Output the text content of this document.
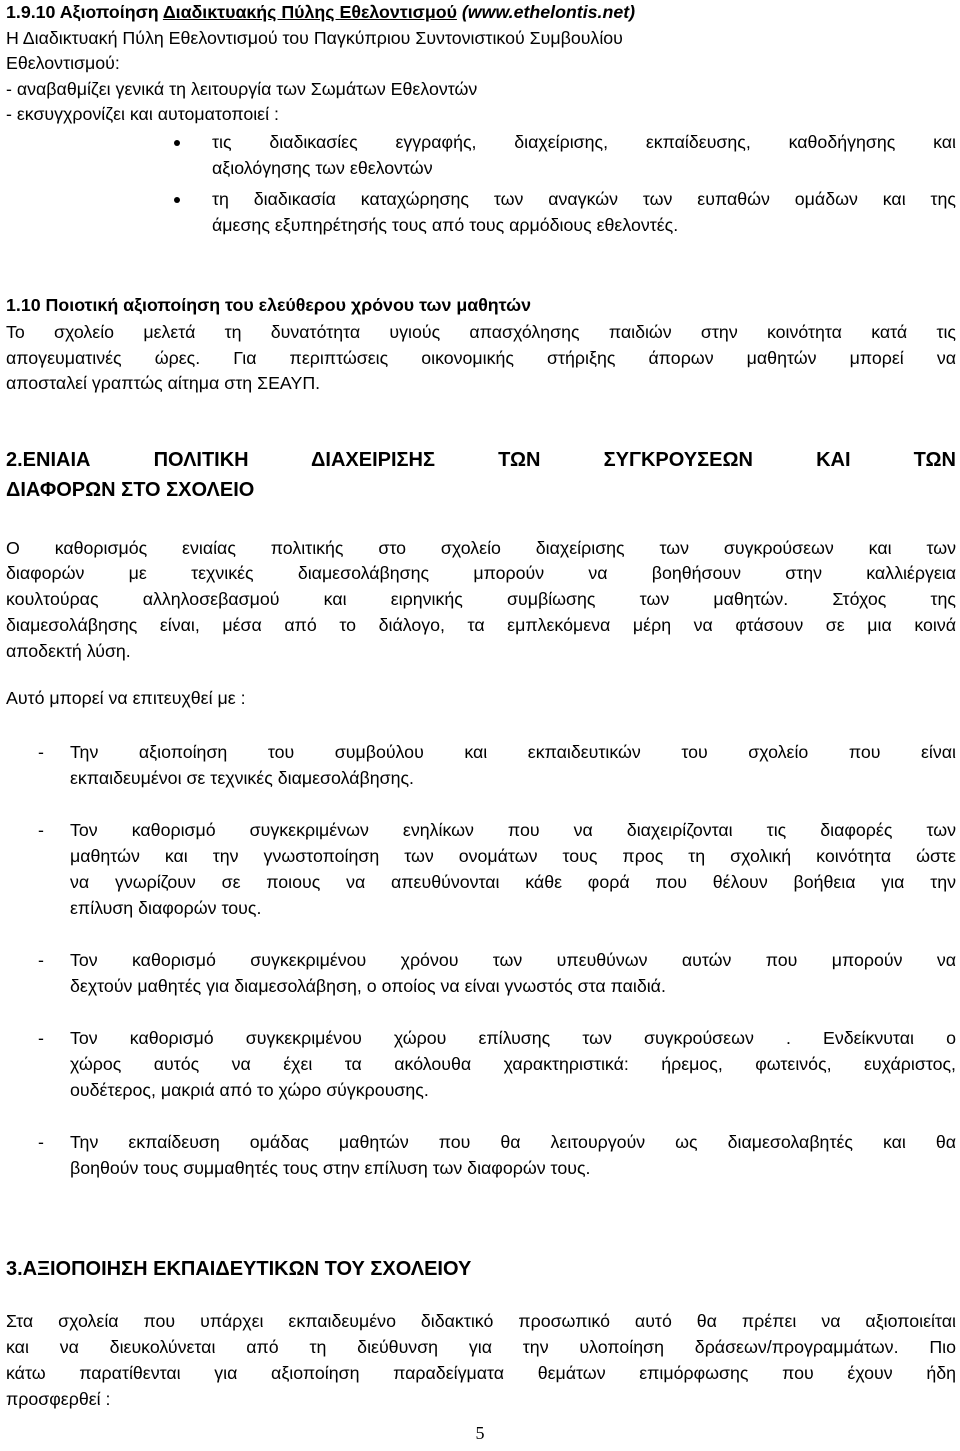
1.9.10 Αξιοποίηση Διαδικτυακής Πύλης Εθελοντισμού (www.ethelontis.net)
Η Διαδικτυακή Πύλη Εθελοντισμού του Παγκύπριου Συντονιστικού Συμβουλίου
Εθελοντισμού:
- αναβαθμίζει γενικά τη λειτουργία των Σωμάτων Εθελοντών
- εκσυγχρονίζει και αυτοματοποιεί :
τις διαδικασίες εγγραφής, διαχείρισης, εκπαίδευσης, καθοδήγησης και
αξιολόγησης των εθελοντών
τη διαδικασία καταχώρησης των αναγκών των ευπαθών ομάδων και της
άμεσης εξυπηρέτησής τους από τους αρμόδιους εθελοντές.
1.10 Ποιοτική αξιοποίηση του ελεύθερου χρόνου των μαθητών
Το σχολείο μελετά τη δυνατότητα υγιούς απασχόλησης παιδιών στην κοινότητα κατά τις
απογευματινές ώρες. Για περιπτώσεις οικονομικής στήριξης άπορων μαθητών μπορεί να
αποσταλεί γραπτώς αίτημα στη ΣΕΑΥΠ.
2.ΕΝΙΑΙΑ ΠΟΛΙΤΙΚΗ ΔΙΑΧΕΙΡΙΣΗΣ ΤΩΝ ΣΥΓΚΡΟΥΣΕΩΝ ΚΑΙ ΤΩΝ
ΔΙΑΦΟΡΩΝ ΣΤΟ ΣΧΟΛΕΙΟ
Ο καθορισμός ενιαίας πολιτικής στο σχολείο διαχείρισης των συγκρούσεων και των
διαφορών με τεχνικές διαμεσολάβησης μπορούν να βοηθήσουν στην καλλιέργεια
κουλτούρας αλληλοσεβασμού και ειρηνικής συμβίωσης των μαθητών. Στόχος της
διαμεσολάβησης είναι, μέσα από το διάλογο, τα εμπλεκόμενα μέρη να φτάσουν σε μια κοινά
αποδεκτή λύση.
Αυτό μπορεί να επιτευχθεί με :
- Την αξιοποίηση του συμβούλου και εκπαιδευτικών του σχολείο που είναι
εκπαιδευμένοι σε τεχνικές διαμεσολάβησης.
- Τον καθορισμό συγκεκριμένων ενηλίκων που να διαχειρίζονται τις διαφορές των
μαθητών και την γνωστοποίηση των ονομάτων τους προς τη σχολική κοινότητα ώστε
να γνωρίζουν σε ποιους να απευθύνονται κάθε φορά που θέλουν βοήθεια για την
επίλυση διαφορών τους.
- Τον καθορισμό συγκεκριμένου χρόνου των υπευθύνων αυτών που μπορούν να
δεχτούν μαθητές για διαμεσολάβηση, ο οποίος να είναι γνωστός στα παιδιά.
- Τον καθορισμό συγκεκριμένου χώρου επίλυσης των συγκρούσεων . Ενδείκνυται ο
χώρος αυτός να έχει τα ακόλουθα χαρακτηριστικά: ήρεμος, φωτεινός, ευχάριστος,
ουδέτερος, μακριά από το χώρο σύγκρουσης.
- Την εκπαίδευση ομάδας μαθητών που θα λειτουργούν ως διαμεσολαβητές και θα
βοηθούν τους συμμαθητές τους στην επίλυση των διαφορών τους.
3.ΑΞΙΟΠΟΙΗΣΗ ΕΚΠΑΙΔΕΥΤΙΚΩΝ ΤΟΥ ΣΧΟΛΕΙΟΥ
Στα σχολεία που υπάρχει εκπαιδευμένο διδακτικό προσωπικό αυτό θα πρέπει να αξιοποιείται
και να διευκολύνεται από τη διεύθυνση για την υλοποίηση δράσεων/προγραμμάτων. Πιο
κάτω παρατίθενται για αξιοποίηση παραδείγματα θεμάτων επιμόρφωσης που έχουν ήδη
προσφερθεί :
5
